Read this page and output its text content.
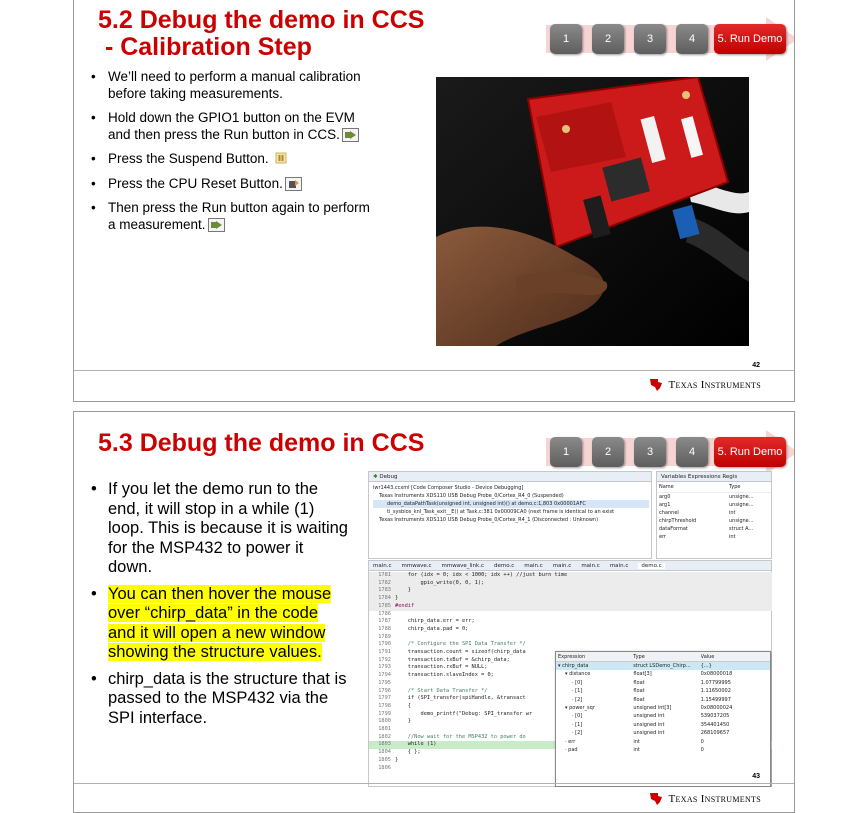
5.2 Debug the demo in CCS
- Calibration Step	1	2	3	4	5. Run Demo
• We’ll need to perform a manual calibration before taking measurements.
• Hold down the GPIO1 button on the EVM and then press the Run button in CCS.
• Press the Suspend Button.
• Press the CPU Reset Button.
• Then press the Run button again to perform a measurement.
42
Texas Instruments
5.3 Debug the demo in CCS	1	2	3	4	5. Run Demo
• If you let the demo run to the end, it will stop in a while (1) loop. This is because it is waiting for the MSP432 to power it down.
• You can then hover the mouse over “chirp_data” in the code and it will open a new window showing the structure values.
• chirp_data is the structure that is passed to the MSP432 via the SPI interface.
✱ Debug
iwr1443.ccxml [Code Composer Studio - Device Debugging]
Texas Instruments XDS110 USB Debug Probe_0/Cortex_R4_0 (Suspended)
demo_dataPathTask(unsigned int, unsigned int)() at demo.c:1,803 0x00001AFC
ti_sysbios_knl_Task_exit__E() at Task.c:381 0x00009CA0 (next frame is identical to an exist
Texas Instruments XDS110 USB Debug Probe_0/Cortex_R4_1 (Disconnected : Unknown)
Variables Expressions Regis
Name	Type
arg0	unsigne...
arg1	unsigne...
channel	int
chirpThreshold	unsigne...
dataFormat	struct A...
err	int
main.c mmwave.c mmwave_link.c demo.c main.c main.c main.c main.c demo.c
1781    for (idx = 0; idx < 1000; idx ++) //just burn time
1782        gpio_write(0, 0, 1);
1783    }
1784 }
1785 #endif
1786
1787    chirp_data.err = err;
1788    chirp_data.pad = 0;
1789
1790    /* Configure the SPI Data Transfer */
1791    transaction.count = sizeof(chirp_data
1792    transaction.txBuf = &chirp_data;
1793    transaction.rxBuf = NULL;
1794    transaction.slaveIndex = 0;
1795
1796    /* Start Data Transfer */
1797    if (SPI_transfer(spiHandle, &transact
1798    {
1799        demo_printf("Debug: SPI_transfer wr
1800    }
1801
1802    //Now wait for the MSP432 to power do
1803    while (1)
1804    { };
1805 }
1806
Expression	Type	Value
▾ chirp_data	struct LSDemo_Chirp...	{...}
▾ distance	float[3]	0x08000018
· [0]	float	1.07799995
· [1]	float	1.11650002
· [2]	float	1.15499997
▾ power_sqr	unsigned int[3]	0x08000024
· [0]	unsigned int	539037205
· [1]	unsigned int	354401450
· [2]	unsigned int	268109657
· err	int	0
· pad	int	0
43
Texas Instruments
